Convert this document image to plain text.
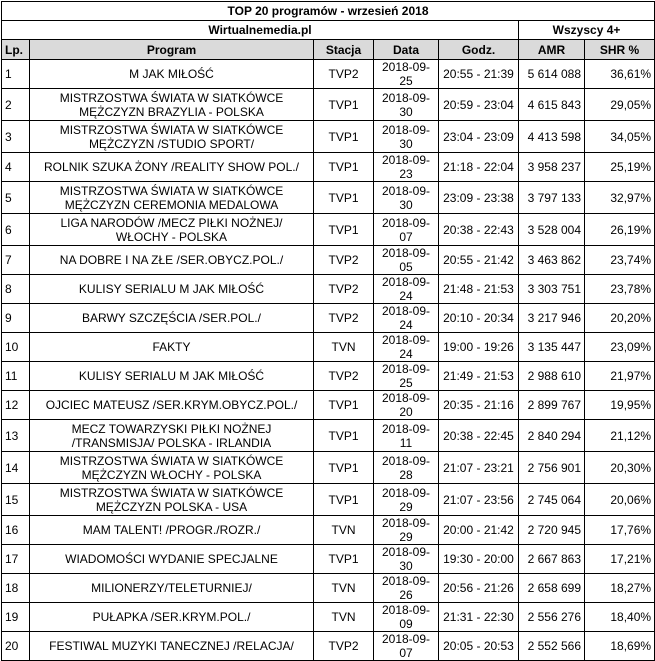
TOP 20 programów - wrzesień 2018						
Wirtualnemedia.pl					Wszyscy 4+	
Lp.	Program	Stacja	Data	Godz.	AMR	SHR %
1	M JAK MIŁOŚĆ	TVP2	2018-09-25	20:55 - 21:39	5 614 088	36,61%
2	MISTRZOSTWA ŚWIATA W SIATKÓWCE MĘŻCZYZN BRAZYLIA - POLSKA	TVP1	2018-09-30	20:59 - 23:04	4 615 843	29,05%
3	MISTRZOSTWA ŚWIATA W SIATKÓWCE MĘŻCZYZN /STUDIO SPORT/	TVP1	2018-09-30	23:04 - 23:09	4 413 598	34,05%
4	ROLNIK SZUKA ŻONY /REALITY SHOW POL./	TVP1	2018-09-23	21:18 - 22:04	3 958 237	25,19%
5	MISTRZOSTWA ŚWIATA W SIATKÓWCE MĘŻCZYZN CEREMONIA MEDALOWA	TVP1	2018-09-30	23:09 - 23:38	3 797 133	32,97%
6	LIGA NARODÓW /MECZ PIŁKI NOŻNEJ/ WŁOCHY - POLSKA	TVP1	2018-09-07	20:38 - 22:43	3 528 004	26,19%
7	NA DOBRE I NA ZŁE /SER.OBYCZ.POL./	TVP2	2018-09-05	20:55 - 21:42	3 463 862	23,74%
8	KULISY SERIALU M JAK MIŁOŚĆ	TVP2	2018-09-24	21:48 - 21:53	3 303 751	23,78%
9	BARWY SZCZĘŚCIA /SER.POL./	TVP2	2018-09-24	20:10 - 20:34	3 217 946	20,20%
10	FAKTY	TVN	2018-09-24	19:00 - 19:26	3 135 447	23,09%
11	KULISY SERIALU M JAK MIŁOŚĆ	TVP2	2018-09-25	21:49 - 21:53	2 988 610	21,97%
12	OJCIEC MATEUSZ /SER.KRYM.OBYCZ.POL./	TVP1	2018-09-20	20:35 - 21:16	2 899 767	19,95%
13	MECZ TOWARZYSKI PIŁKI NOŻNEJ /TRANSMISJA/ POLSKA - IRLANDIA	TVP1	2018-09-11	20:38 - 22:45	2 840 294	21,12%
14	MISTRZOSTWA ŚWIATA W SIATKÓWCE MĘŻCZYZN WŁOCHY - POLSKA	TVP1	2018-09-28	21:07 - 23:21	2 756 901	20,30%
15	MISTRZOSTWA ŚWIATA W SIATKÓWCE MĘŻCZYZN POLSKA - USA	TVP1	2018-09-29	21:07 - 23:56	2 745 064	20,06%
16	MAM TALENT! /PROGR./ROZR./	TVN	2018-09-29	20:00 - 21:42	2 720 945	17,76%
17	WIADOMOŚCI WYDANIE SPECJALNE	TVP1	2018-09-30	19:30 - 20:00	2 667 863	17,21%
18	MILIONERZY/TELETURNIEJ/	TVN	2018-09-26	20:56 - 21:26	2 658 699	18,27%
19	PUŁAPKA /SER.KRYM.POL./	TVN	2018-09-09	21:31 - 22:30	2 556 276	18,40%
20	FESTIWAL MUZYKI TANECZNEJ /RELACJA/	TVP2	2018-09-07	20:05 - 20:53	2 552 566	18,69%
